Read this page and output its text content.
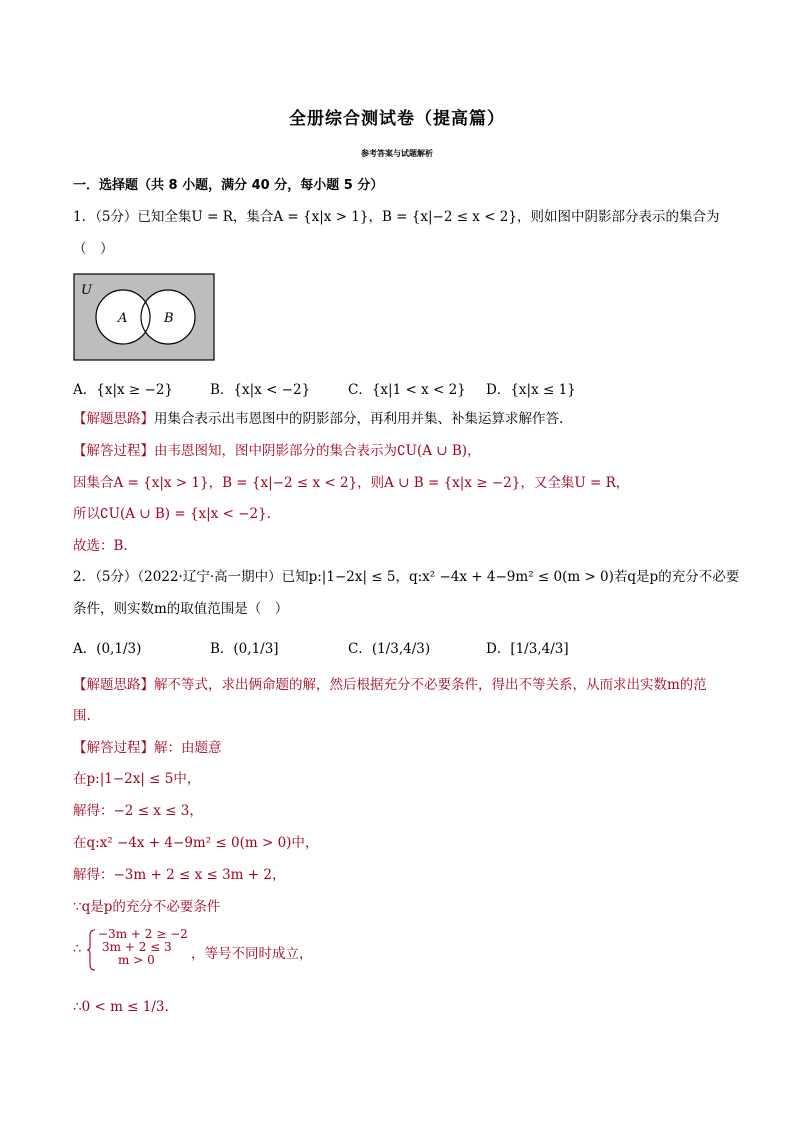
全册综合测试卷（提高篇）
参考答案与试题解析
一．选择题（共 8 小题，满分 40 分，每小题 5 分）
1．（5分）已知全集U = R，集合A = {x|x > 1}，B = {x|−2 ≤ x < 2}，则如图中阴影部分表示的集合为
（　）
U
A	B
A．{x|x ≥ −2}	B．{x|x < −2}	C．{x|1 < x < 2} D．{x|x ≤ 1}
【解题思路】用集合表示出韦恩图中的阴影部分，再利用并集、补集运算求解作答.
【解答过程】由韦恩图知，图中阴影部分的集合表示为∁U(A ∪ B)，
因集合A = {x|x > 1}，B = {x|−2 ≤ x < 2}，则A ∪ B = {x|x ≥ −2}，又全集U = R，
所以∁U(A ∪ B) = {x|x < −2}.
故选：B.
2．（5分）（2022·辽宁·高一期中）已知p:|1−2x| ≤ 5，q:x² −4x + 4−9m² ≤ 0(m > 0)若q是p的充分不必要
条件，则实数m的取值范围是（　）
A．(0,1/3)	B．(0,1/3]	C．(1/3,4/3)	D．[1/3,4/3]
【解题思路】解不等式，求出俩命题的解，然后根据充分不必要条件，得出不等关系，从而求出实数m的范
围.
【解答过程】解：由题意
在p:|1−2x| ≤ 5中，
解得：−2 ≤ x ≤ 3，
在q:x² −4x + 4−9m² ≤ 0(m > 0)中，
解得：−3m + 2 ≤ x ≤ 3m + 2，
∵q是p的充分不必要条件
∴
−3m + 2 ≥ −2
3m + 2 ≤ 3
m > 0	，等号不同时成立，
∴0 < m ≤ 1/3.
